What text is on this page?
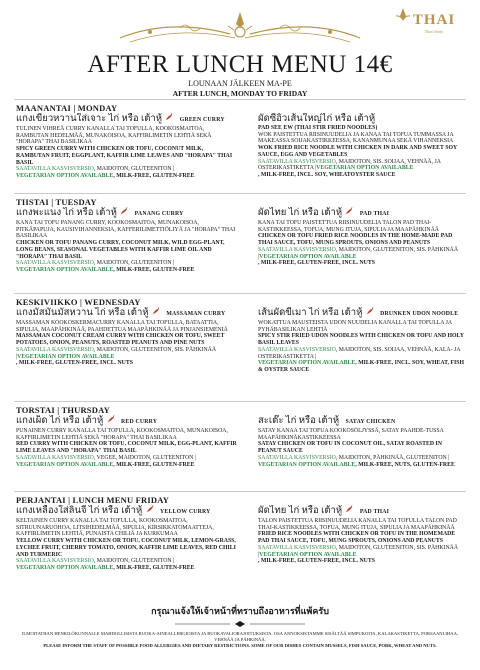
THAI
Thai Jeniy
AFTER LUNCH MENU 14€
LOUNAAN JÄLKEEN MA-PE
AFTER LUNCH, MONDAY TO FRIDAY
MAANANTAI | MONDAY
แกงเขียวหวานใส่เจาะ ไก่ หรือ เต้าหู้	GREEN CURRY
TULINEN VIHREÄ CURRY KANALLA TAI TOFULLA, KOOKOSMAITOA, RAMBUTAN HEDELMÄÄ, MUNAKOISOA, KAFFIRLIMETIN LEHTIÄ SEKÄ "HORAPA" THAI BASILIKAA
SPICY GREEN CURRY WITH CHICKEN OR TOFU, COCONUT MILK, RAMBUTAN FRUIT, EGGPLANT, KAFFIR LIME LEAVES AND "HORAPA" THAI BASIL
SAATAVILLA KASVISVERSIO, MAIDOTON, GLUTEENITON |
VEGETARIAN OPTION AVAILABLE, MILK-FREE, GLUTEN-FREE
ผัดซีอิ๊วเส้นใหญ่ไก่ หรือ เต้าหู้
PAD SEE EW (THAI STIR FRIED NOODLES)
WOK PAISTETTUA RIISINUUDELIA JA KANAA TAI TOFUA TUMMASSA JA MAKEASSA SOIJAKASTIKKEESSA, KANANMUNAA SEKÄ VIHANNEKSIA
WOK FRIED RICE NOODLE WITH CHICKEN IN DARK AND SWEET SOY SAUCE, EGG AND VEGETABLES
SAATAVILLA KASVISVERSIO, MAIDOTON, SIS. SOIJAA, VEHNÄÄ, JA OSTERIKASTIKETTA |VEGETARIAN OPTION AVAILABLE
, MILK-FREE, INCL. SOY, WHEATOYSTER SAUCE
TIISTAI | TUESDAY
แกงพะแนง ไก่ หรือ เต้าหู้	PANANG CURRY
KANA TAI TOFU PANANG CURRY, KOOKOSMAITOA, MUNAKOISOA, PITKÄPAPUJA, KAUSIVIHANNEKSIA, KAFFERILIMETTIÖLJYÄ JA "HORAPA" THAI BASILIKAA
CHICKEN OR TOFU PANANG CURRY, COCONUT MILK, WILD EGG-PLANT, LONG BEANS, SEASONAL VEGETABLES WITH KAFFIR LIME OIL AND "HORAPA" THAI BASIL
SAATAVILLA KASVISVERSIO, MAIDOTON, GLUTEENITON |
VEGETARIAN OPTION AVAILABLE, MILK-FREE, GLUTEN-FREE
ผัดไทย ไก่ หรือ เต้าหู้	PAD THAI
KANA TAI TOFU PAISTETTUA RIISINUUDELIA TALON PAD THAI-KASTIKKEESSA, TOFUA, MUNG ITUJA, SIPULIA JA MAAPÄHKINÄÄ
CHICKEN OR TOFU FRIED RICE NOODLES IN THE HOME-MADE PAD THAI SAUCE, TOFU, MUNG SPROUTS, ONIONS AND PEANUTS
SAATAVILLA KASVISVERSIO, MAIDOTON, GLUTEENITON, SIS. PÄHKINÄÄ |VEGETARIAN OPTION AVAILABLE
, MILK-FREE, GLUTEN-FREE, INCL. NUTS
KESKIVIIKKO | WEDNESDAY
แกงมัสมั่นมัสหวาน ไก่ หรือ เต้าหู้	MASSAMAN CURRY
MASSAMAN KOOKOSKERMACURRY KANALLA TAI TOFULLA, BATAATTIA, SIPULIA, MAAPÄHKINÄÄ, PAAHDETTUA MAAPÄHKINÄÄ JA PINJANSIEMENIÄ
MASSAMAN COCONUT CREAM CURRY WITH CHICKEN OR TOFU, SWEET POTATOES, ONION, PEANUTS, ROASTED PEANUTS AND PINE NUTS
SAATAVILLA KASVISVERSIO, MAIDOTON, GLUTEENITON, SIS. PÄHKINÄÄ |VEGETARIAN OPTION AVAILABLE
, MILK-FREE, GLUTEN-FREE, INCL. NUTS
เส้นผัดขี้เมา ไก่ หรือ เต้าหู้	DRUNKEN UDON NOODLE
WOKATTUA MAUSTEISTA UDON NUUDELIA KANALLA TAI TOFULLA JA PYHÄBASILIKAN LEHTIÄ
SPICY STIR FRIED UDON NOODLES WITH CHICKEN OR TOFU AND HOLY BASIL LEAVES
SAATAVILLA KASVISVERSIO, MAIDOTON, SIS. SOIJAA, VEHNÄÄ, KALA- JA OSTERIKASTIKETTA |
VEGETARIAN OPTION AVAILABLE, MILK-FREE, INCL. SOY, WHEAT, FISH & OYSTER SAUCE
TORSTAI | THURSDAY
แกงเผ็ด ไก่ หรือ เต้าหู้	RED CURRY
PUNAINEN CURRY KANALLA TAI TOFULLA, KOOKOSMAITOA, MUNAKOISOA, KAFFIRLIMETIN LEHTIÄ SEKÄ "HORAPA" THAI BASILIKAA
RED CURRY WITH CHICKEN OR TOFU, COCONUT MILK, EGG-PLANT, KAFFIR LIME LEAVES AND "HORAPA" THAI BASIL
SAATAVILLA KASVISVERSIO, VEGEE, MAIDOTON, GLUTEENITON |
VEGETARIAN OPTION AVAILABLE, MILK-FREE, GLUTEN-FREE
สะเต๊ะ ไก่ หรือ เต้าหู้ SATAY CHICKEN
SATAY KANAA TAI TOFUA KOOKOSÖLJYSSÄ, SATAY PAAHDE-TUSSA MAAPÄHKINÄKASTIKKEESSA
SATAY CHICKEN OR TOFU IN COCONUT OIL, SATAY ROASTED IN PEANUT SAUCE
SAATAVILLA KASVISVERSIO, MAIDOTON, PÄHKINÄÄ, GLUTEENITON |
VEGETARIAN OPTION AVAILABLE, MILK-FREE, NUTS, GLUTEN-FREE
PERJANTAI | LUNCH MENU FRIDAY
แกงเหลืองใส่ลิ้นจี่ ไก่ หรือ เต้าหู้	YELLOW CURRY
KELTAINEN CURRY KANALLA TAI TOFULLA, KOOKOSMAITOA, SITRUUNARUOHOA, LITSIHEDELMÄÄ, SIPULIA, KIRSIKKATOMAATTEJA, KAFFIRLIMETIN LEHTIÄ, PUNAISTA CHILIÄ JA KURKUMAA
YELLOW CURRY WITH CHICKEN OR TOFU, COCONUT MILK, LEMON-GRASS, LYCHEE FRUIT, CHERRY TOMATO, ONION, KAFFIR LIME LEAVES, RED CHILI AND TURMERIC
SAATAVILLA KASVISVERSIO, MAIDOTON, GLUTEENITON |
VEGETARIAN OPTION AVAILABLE, MILK-FREE, GLUTEN-FREE
ผัดไทย ไก่ หรือ เต้าหู้	PAD THAI
TALON PAISTETTUA RIISINUUDELIA KANALLA TAI TOFULLA TALON PAD THAI-KASTIKKEESSA, TOFUA, MUNG ITUJA, SIPULIA JA MAAPÄHKINÄÄ
FRIED RICE NOODLES WITH CHICKEN OR TOFU IN THE HOMEMADE PAD THAI SAUCE, TOFU, MUNG SPROUTS, ONIONS AND PEANUTS
SAATAVILLA KASVISVERSIO, MAIDOTON, GLUTEENITON, SIS. PÄHKINÄÄ |VEGETARIAN OPTION AVAILABLE
, MILK-FREE, GLUTEN-FREE, INCL. NUTS
กรุณาแจ้งให้เจ้าหน้าที่ทราบถึงอาหารที่แพ้ครับ
ILMOITATHAN HENKILÖKUNNALLE MAHDOLLISISTA RUOKA-AINEALLERGIOISTA JA RUOKAVALIORAJOITUKSISTA. OSA ANNOKSISTAMME SISÄLTÄÄ SIMPUKOITA, KALAKASTIKETTA, PORSAANLIHAA, VEHNÄÄ JA PÄHKINÄÄ.
PLEASE INFORM THE STAFF OF POSSIBLE FOOD ALLERGIES AND DIETARY RESTRICTIONS. SOME OF OUR DISHES CONTAIN MUSSELS, FISH SAUCE, PORK, WHEAT AND NUTS.
